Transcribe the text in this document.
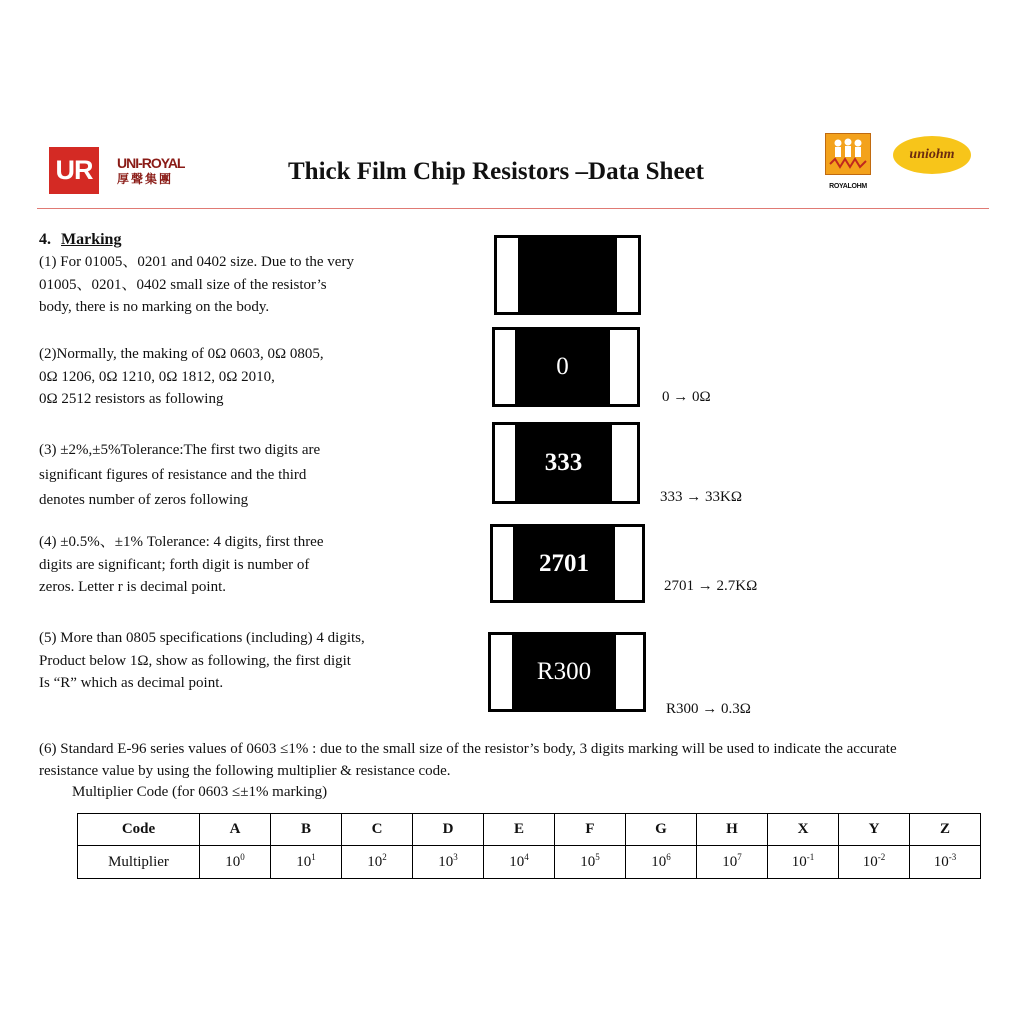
UR	UNI-ROYAL
厚聲集團	Thick Film Chip Resistors –Data Sheet
ROYALOHM
uniohm
4. Marking
(1) For 01005、0201 and 0402 size. Due to the very
01005、0201、0402 small size of the resistor’s
body, there is no marking on the body.
(2)Normally, the making of 0Ω 0603, 0Ω 0805,
0Ω 1206, 0Ω 1210, 0Ω 1812, 0Ω 2010,
0Ω 2512 resistors as following
(3) ±2%,±5%Tolerance:The first two digits are
significant figures of resistance and the third
denotes number of zeros following
(4) ±0.5%、±1% Tolerance: 4 digits, first three
digits are significant; forth digit is number of
zeros. Letter r is decimal point.
(5) More than 0805 specifications (including) 4 digits,
Product below 1Ω, show as following, the first digit
Is “R” which as decimal point.
0
0 → 0Ω
333
333 → 33KΩ
2701
2701 → 2.7KΩ
R300
R300 → 0.3Ω
(6) Standard E-96 series values of 0603 ≤1% : due to the small size of the resistor’s body, 3 digits marking will be used to indicate the accurate
resistance value by using the following multiplier & resistance code.
Multiplier Code (for 0603 ≤±1% marking)
Code	A	B	C	D	E	F	G	H	X	Y	Z
Multiplier	$10^0$	$10^1$	$10^2$	$10^3$	$10^4$	$10^5$	$10^6$	$10^7$	$10^{-1}$	$10^{-2}$	$10^{-3}$
